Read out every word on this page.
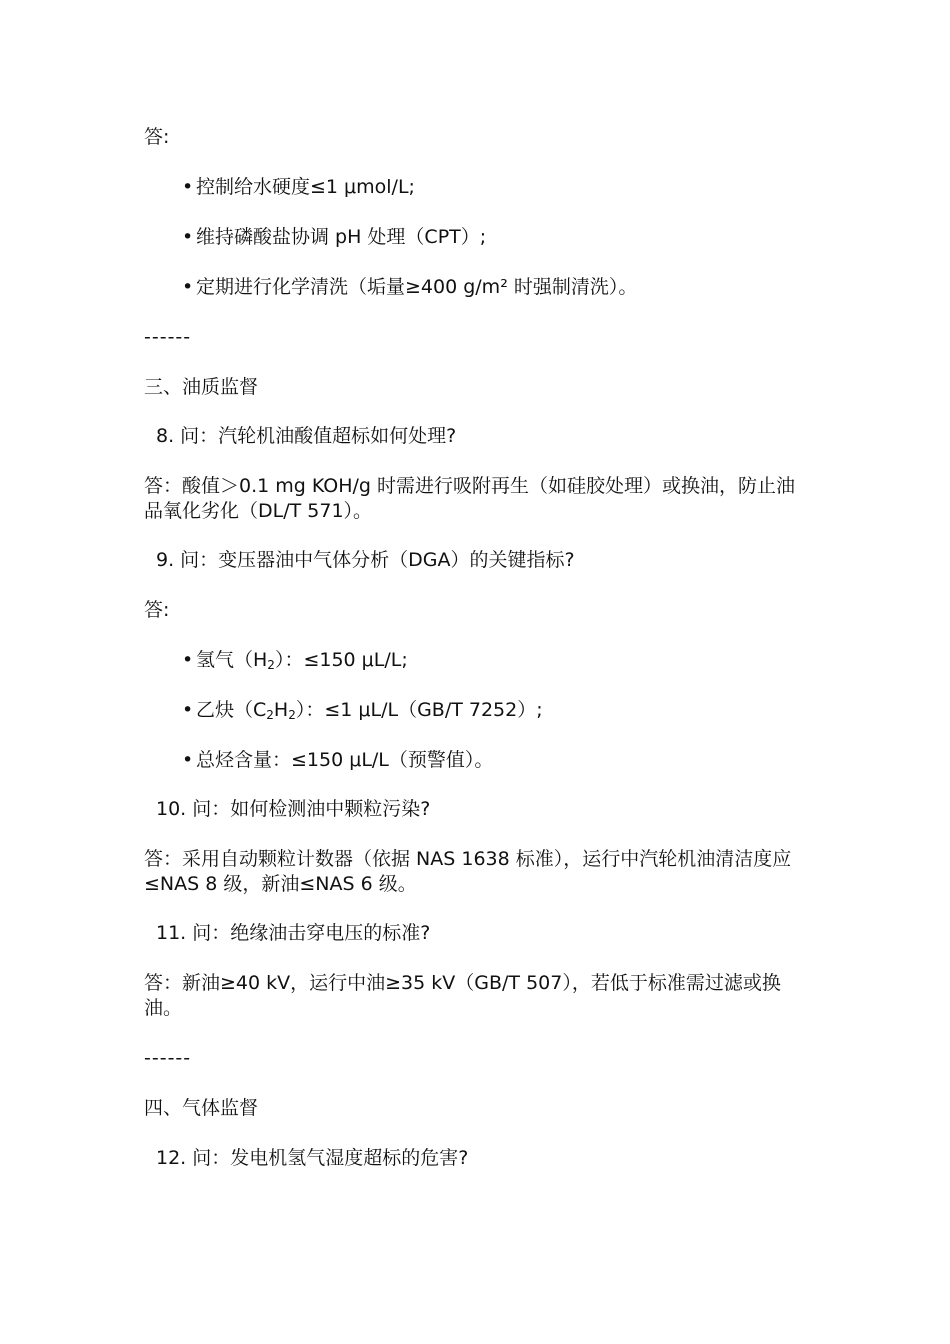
答:
• 控制给水硬度≤1 μmol/L;
• 维持磷酸盐协调 pH 处理（CPT）;
• 定期进行化学清洗（垢量≥400 g/m² 时强制清洗）。
------
三、油质监督
8. 问：汽轮机油酸值超标如何处理?
答：酸值＞0.1 mg KOH/g 时需进行吸附再生（如硅胶处理）或换油，防止油品氧化劣化（DL/T 571）。
9. 问：变压器油中气体分析（DGA）的关键指标?
答:
• 氢气$(H_2)$：≤150 μL/L;
• 乙炔$(C_2H_2)$：≤1 μL/L（GB/T 7252）;
• 总烃含量：≤150 μL/L（预警值）。
10. 问：如何检测油中颗粒污染?
答：采用自动颗粒计数器（依据 NAS 1638 标准），运行中汽轮机油清洁度应≤NAS 8 级，新油≤NAS 6 级。
11. 问：绝缘油击穿电压的标准?
答：新油≥40 kV，运行中油≥35 kV（GB/T 507），若低于标准需过滤或换油。
------
四、气体监督
12. 问：发电机氢气湿度超标的危害?
